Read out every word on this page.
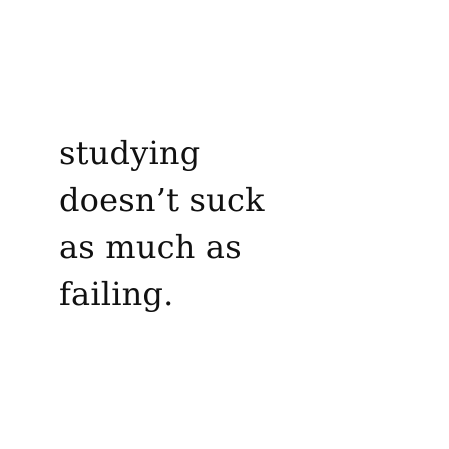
studying
doesn’t suck
as much as
failing.
